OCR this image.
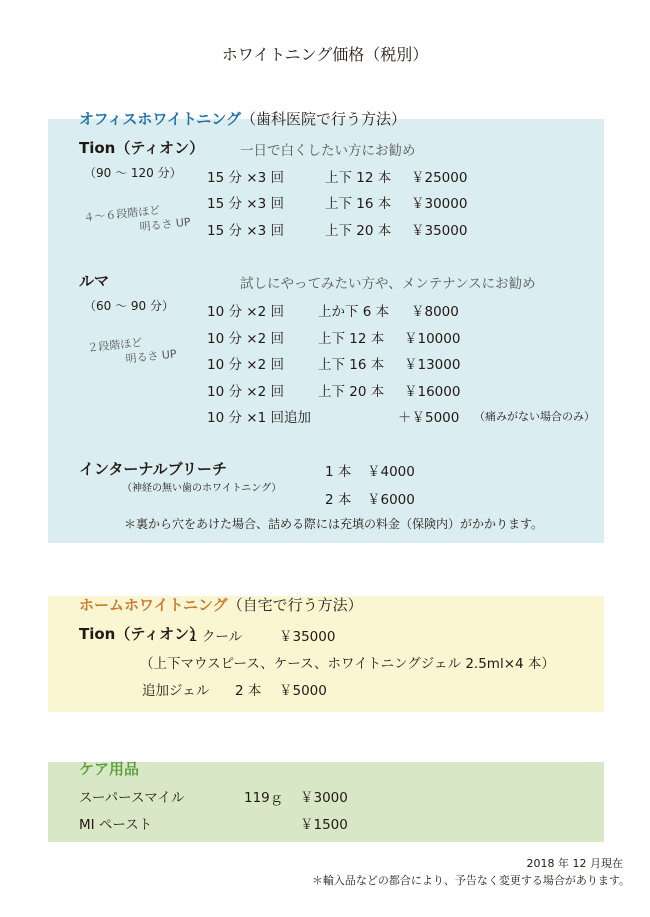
ホワイトニング価格（税別）
オフィスホワイトニング（歯科医院で行う方法）
Tion（ティオン）	一日で白くしたい方にお勧め
（90 ～ 120 分）
４～６段階ほど
明るさ UP
15 分 ×3 回	上下 12 本 ￥25000
15 分 ×3 回	上下 16 本 ￥30000
15 分 ×3 回	上下 20 本 ￥35000
ルマ	試しにやってみたい方や、メンテナンスにお勧め
（60 ～ 90 分）
２段階ほど
明るさ UP
10 分 ×2 回	上か下 6 本 ￥8000
10 分 ×2 回	上下 12 本 ￥10000
10 分 ×2 回	上下 16 本 ￥13000
10 分 ×2 回	上下 20 本 ￥16000
10 分 ×1 回追加	＋￥5000 （痛みがない場合のみ）
インターナルブリーチ
（神経の無い歯のホワイトニング）
1 本 ￥4000
2 本 ￥6000
＊裏から穴をあけた場合、詰める際には充填の料金（保険内）がかかります。
ホームホワイトニング（自宅で行う方法）
Tion（ティオン）
1 クール	￥35000
（上下マウスピース、ケース、ホワイトニングジェル 2.5ml×4 本）
追加ジェル 2 本 ￥5000
ケア用品
スーパースマイル	119ｇ ￥3000
MI ペースト	￥1500
2018 年 12 月現在
＊輸入品などの都合により、予告なく変更する場合があります。
